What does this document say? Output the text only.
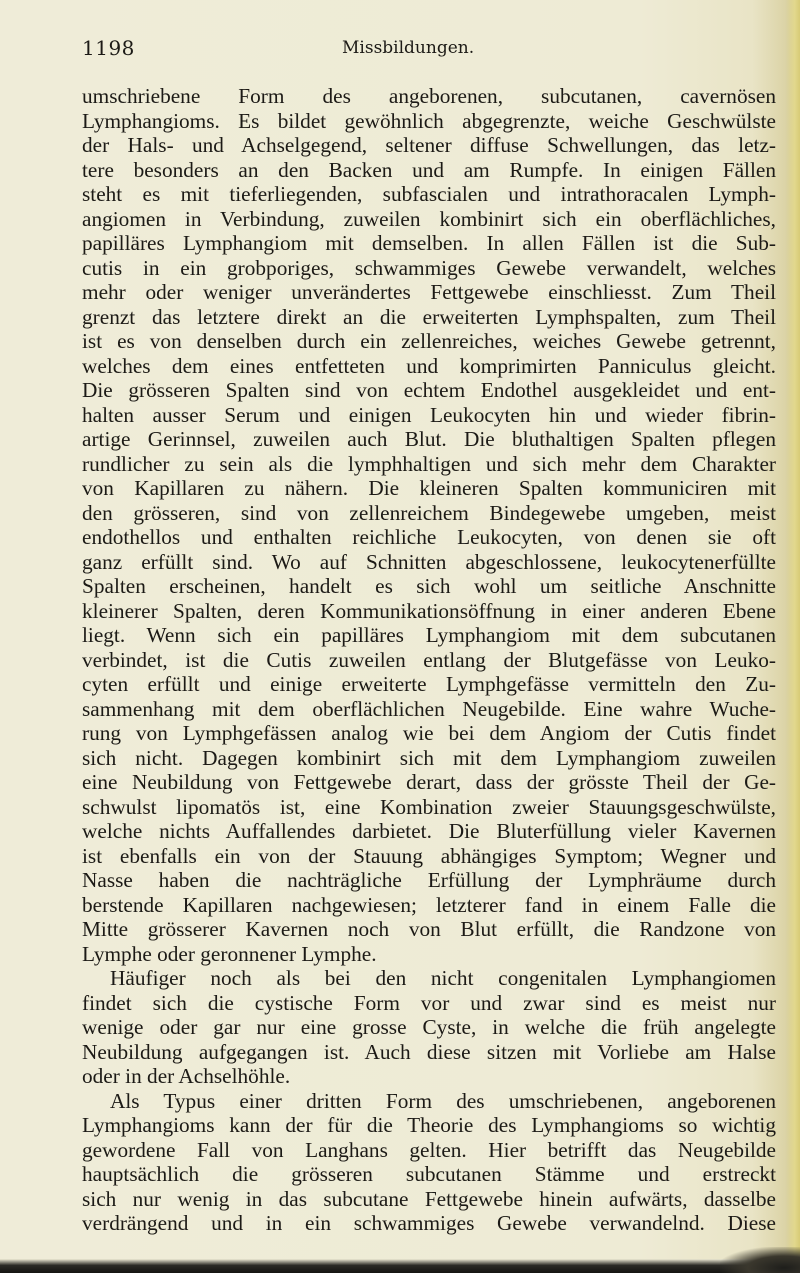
1198	Missbildungen.

umschriebene Form des angeborenen, subcutanen, cavernösen

Lymphangioms. Es bildet gewöhnlich abgegrenzte, weiche Geschwülste

der Hals- und Achselgegend, seltener diffuse Schwellungen, das letz-

tere besonders an den Backen und am Rumpfe. In einigen Fällen

steht es mit tieferliegenden, subfascialen und intrathoracalen Lymph-

angiomen in Verbindung, zuweilen kombinirt sich ein oberflächliches,

papilläres Lymphangiom mit demselben. In allen Fällen ist die Sub-

cutis in ein grobporiges, schwammiges Gewebe verwandelt, welches

mehr oder weniger unverändertes Fettgewebe einschliesst. Zum Theil

grenzt das letztere direkt an die erweiterten Lymphspalten, zum Theil

ist es von denselben durch ein zellenreiches, weiches Gewebe getrennt,

welches dem eines entfetteten und komprimirten Panniculus gleicht.

Die grösseren Spalten sind von echtem Endothel ausgekleidet und ent-

halten ausser Serum und einigen Leukocyten hin und wieder fibrin-

artige Gerinnsel, zuweilen auch Blut. Die bluthaltigen Spalten pflegen

rundlicher zu sein als die lymphhaltigen und sich mehr dem Charakter

von Kapillaren zu nähern. Die kleineren Spalten kommuniciren mit

den grösseren, sind von zellenreichem Bindegewebe umgeben, meist

endothellos und enthalten reichliche Leukocyten, von denen sie oft

ganz erfüllt sind. Wo auf Schnitten abgeschlossene, leukocytenerfüllte

Spalten erscheinen, handelt es sich wohl um seitliche Anschnitte

kleinerer Spalten, deren Kommunikationsöffnung in einer anderen Ebene

liegt. Wenn sich ein papilläres Lymphangiom mit dem subcutanen

verbindet, ist die Cutis zuweilen entlang der Blutgefässe von Leuko-

cyten erfüllt und einige erweiterte Lymphgefässe vermitteln den Zu-

sammenhang mit dem oberflächlichen Neugebilde. Eine wahre Wuche-

rung von Lymphgefässen analog wie bei dem Angiom der Cutis findet

sich nicht. Dagegen kombinirt sich mit dem Lymphangiom zuweilen

eine Neubildung von Fettgewebe derart, dass der grösste Theil der Ge-

schwulst lipomatös ist, eine Kombination zweier Stauungsgeschwülste,

welche nichts Auffallendes darbietet. Die Bluterfüllung vieler Kavernen

ist ebenfalls ein von der Stauung abhängiges Symptom; Wegner und

Nasse haben die nachträgliche Erfüllung der Lymphräume durch

berstende Kapillaren nachgewiesen; letzterer fand in einem Falle die

Mitte grösserer Kavernen noch von Blut erfüllt, die Randzone von

Lymphe oder geronnener Lymphe.

Häufiger noch als bei den nicht congenitalen Lymphangiomen

findet sich die cystische Form vor und zwar sind es meist nur

wenige oder gar nur eine grosse Cyste, in welche die früh angelegte

Neubildung aufgegangen ist. Auch diese sitzen mit Vorliebe am Halse

oder in der Achselhöhle.

Als Typus einer dritten Form des umschriebenen, angeborenen

Lymphangioms kann der für die Theorie des Lymphangioms so wichtig

gewordene Fall von Langhans gelten. Hier betrifft das Neugebilde

hauptsächlich die grösseren subcutanen Stämme und erstreckt

sich nur wenig in das subcutane Fettgewebe hinein aufwärts, dasselbe

verdrängend und in ein schwammiges Gewebe verwandelnd. Diese
